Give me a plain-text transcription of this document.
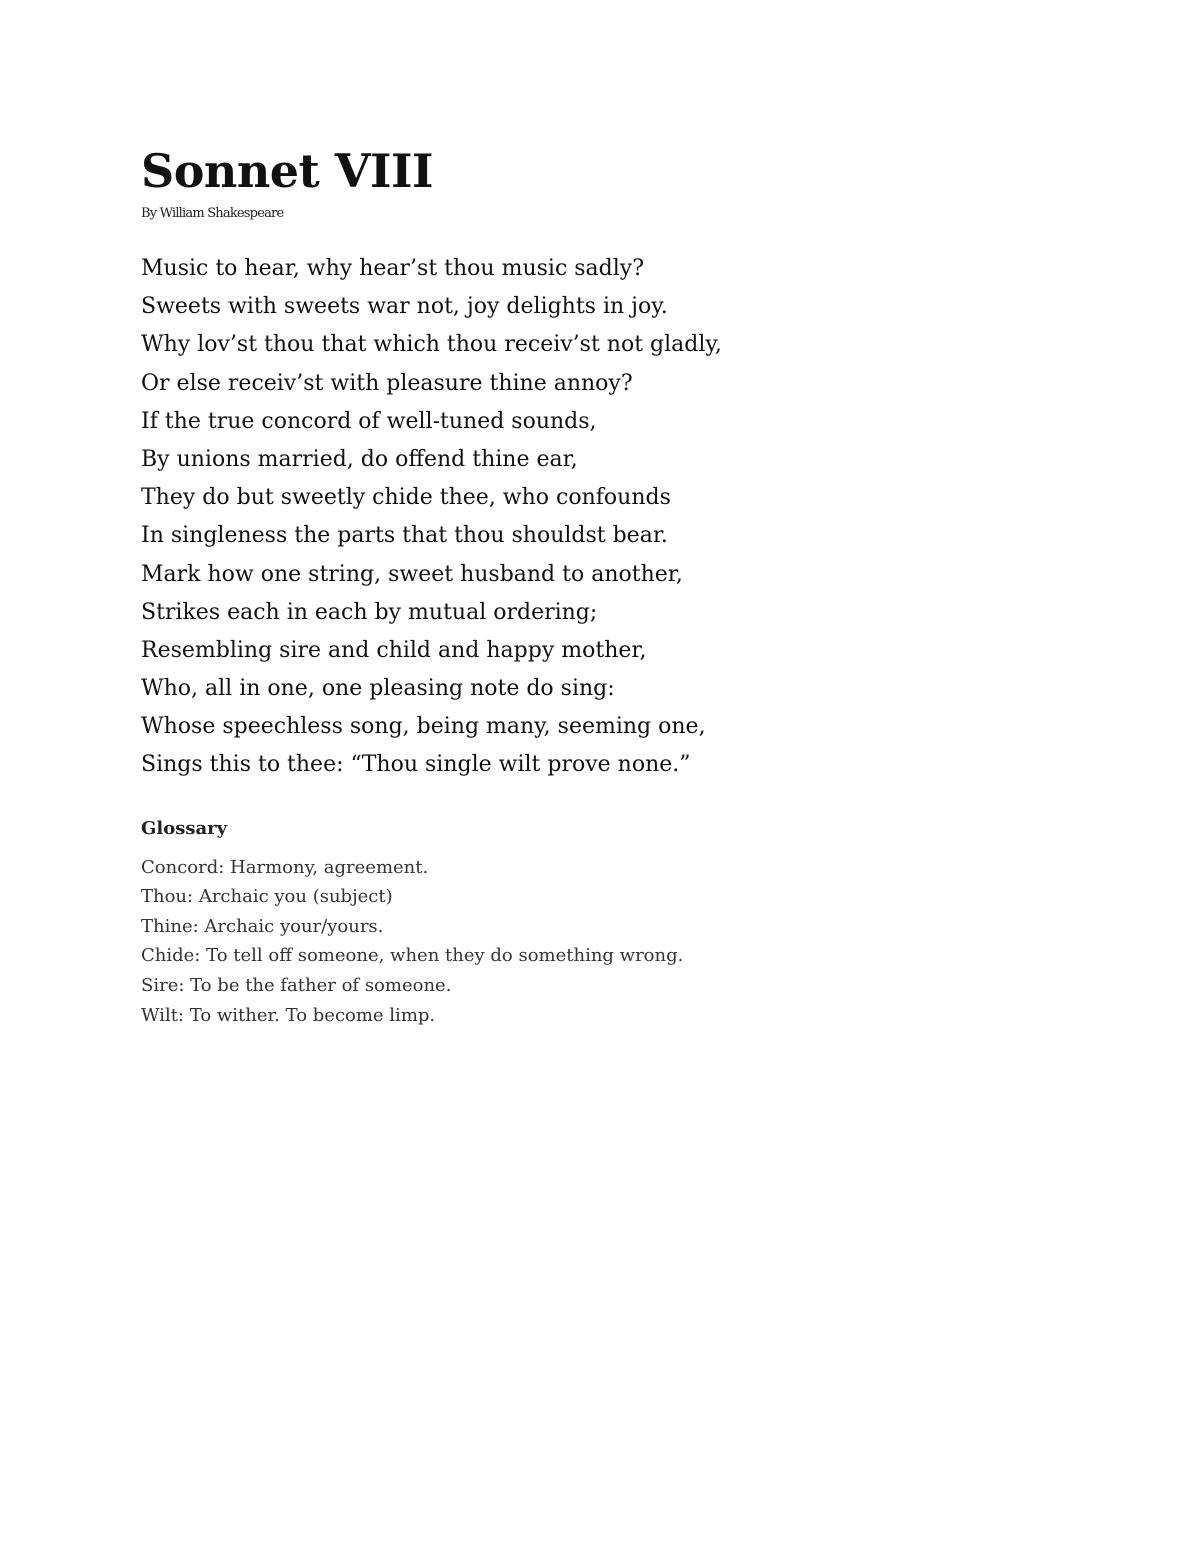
Sonnet VIII

By William Shakespeare

Music to hear, why hear’st thou music sadly?
Sweets with sweets war not, joy delights in joy.
Why lov’st thou that which thou receiv’st not gladly,
Or else receiv’st with pleasure thine annoy?
If the true concord of well-tuned sounds,
By unions married, do offend thine ear,
They do but sweetly chide thee, who confounds
In singleness the parts that thou shouldst bear.
Mark how one string, sweet husband to another,
Strikes each in each by mutual ordering;
Resembling sire and child and happy mother,
Who, all in one, one pleasing note do sing:
Whose speechless song, being many, seeming one,
Sings this to thee: “Thou single wilt prove none.”
Glossary
Concord: Harmony, agreement.
Thou: Archaic you (subject)
Thine: Archaic your/yours.
Chide: To tell off someone, when they do something wrong.
Sire: To be the father of someone.
Wilt: To wither. To become limp.
